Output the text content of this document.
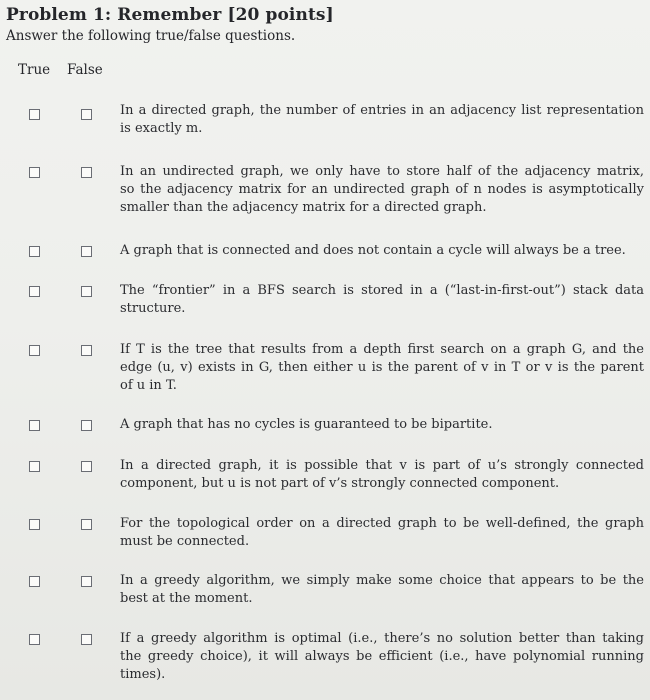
Problem 1: Remember [20 points]
Answer the following true/false questions.
True False
In a directed graph, the number of entries in an adjacency list representation
is exactly m.
In an undirected graph, we only have to store half of the adjacency matrix,
so the adjacency matrix for an undirected graph of n nodes is asymptotically
smaller than the adjacency matrix for a directed graph.
A graph that is connected and does not contain a cycle will always be a tree.
The “frontier” in a BFS search is stored in a (“last-in-first-out”) stack data
structure.
If T is the tree that results from a depth first search on a graph G, and the
edge (u, v) exists in G, then either u is the parent of v in T or v is the parent
of u in T.
A graph that has no cycles is guaranteed to be bipartite.
In a directed graph, it is possible that v is part of u’s strongly connected
component, but u is not part of v’s strongly connected component.
For the topological order on a directed graph to be well-defined, the graph
must be connected.
In a greedy algorithm, we simply make some choice that appears to be the
best at the moment.
If a greedy algorithm is optimal (i.e., there’s no solution better than taking
the greedy choice), it will always be efficient (i.e., have polynomial running
times).
